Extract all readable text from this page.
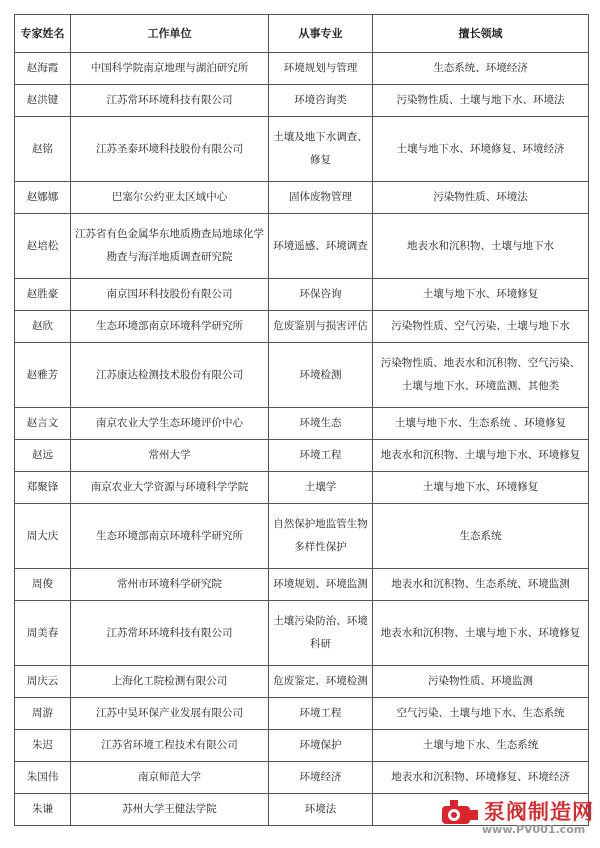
专家姓名	工作单位	从事专业	擅长领域
赵海霞	中国科学院南京地理与湖泊研究所	环境规划与管理	生态系统、环境经济
赵洪键	江苏常环环境科技有限公司	环境咨询类	污染物性质、土壤与地下水、环境法
赵铭	江苏圣泰环境科技股份有限公司	土壤及地下水调查、修复	土壤与地下水、环境修复、环境经济
赵娜娜	巴塞尔公约亚太区域中心	固体废物管理	污染物性质、环境法
赵培松	江苏省有色金属华东地质勘查局地球化学勘查与海洋地质调查研究院	环境遥感、环境调查	地表水和沉积物、土壤与地下水
赵胜豪	南京国环科技股份有限公司	环保咨询	土壤与地下水、环境修复
赵欣	生态环境部南京环境科学研究所	危废鉴别与损害评估	污染物性质、空气污染、土壤与地下水
赵雅芳	江苏康达检测技术股份有限公司	环境检测	污染物性质、地表水和沉积物、空气污染、土壤与地下水、环境监测、其他类
赵言文	南京农业大学生态环境评价中心	环境生态	土壤与地下水、生态系统 、环境修复
赵远	常州大学	环境工程	地表水和沉积物、土壤与地下水、环境修复
郑聚锋	南京农业大学资源与环境科学学院	土壤学	土壤与地下水、环境修复
周大庆	生态环境部南京环境科学研究所	自然保护地监管生物多样性保护	生态系统
周俊	常州市环境科学研究院	环境规划、环境监测	地表水和沉积物、生态系统、环境监测
周美春	江苏常环环境科技有限公司	土壤污染防治、环境科研	地表水和沉积物、土壤与地下水、环境修复
周庆云	上海化工院检测有限公司	危废鉴定、环境检测	污染物性质、环境监测
周游	江苏中昊环保产业发展有限公司	环境工程	空气污染、土壤与地下水、生态系统
朱迟	江苏省环境工程技术有限公司	环境保护	土壤与地下水、生态系统
朱国伟	南京师范大学	环境经济	地表水和沉积物、环境修复、环境经济
朱谦	苏州大学王健法学院	环境法		泵阀制造网
www.PV001.com
